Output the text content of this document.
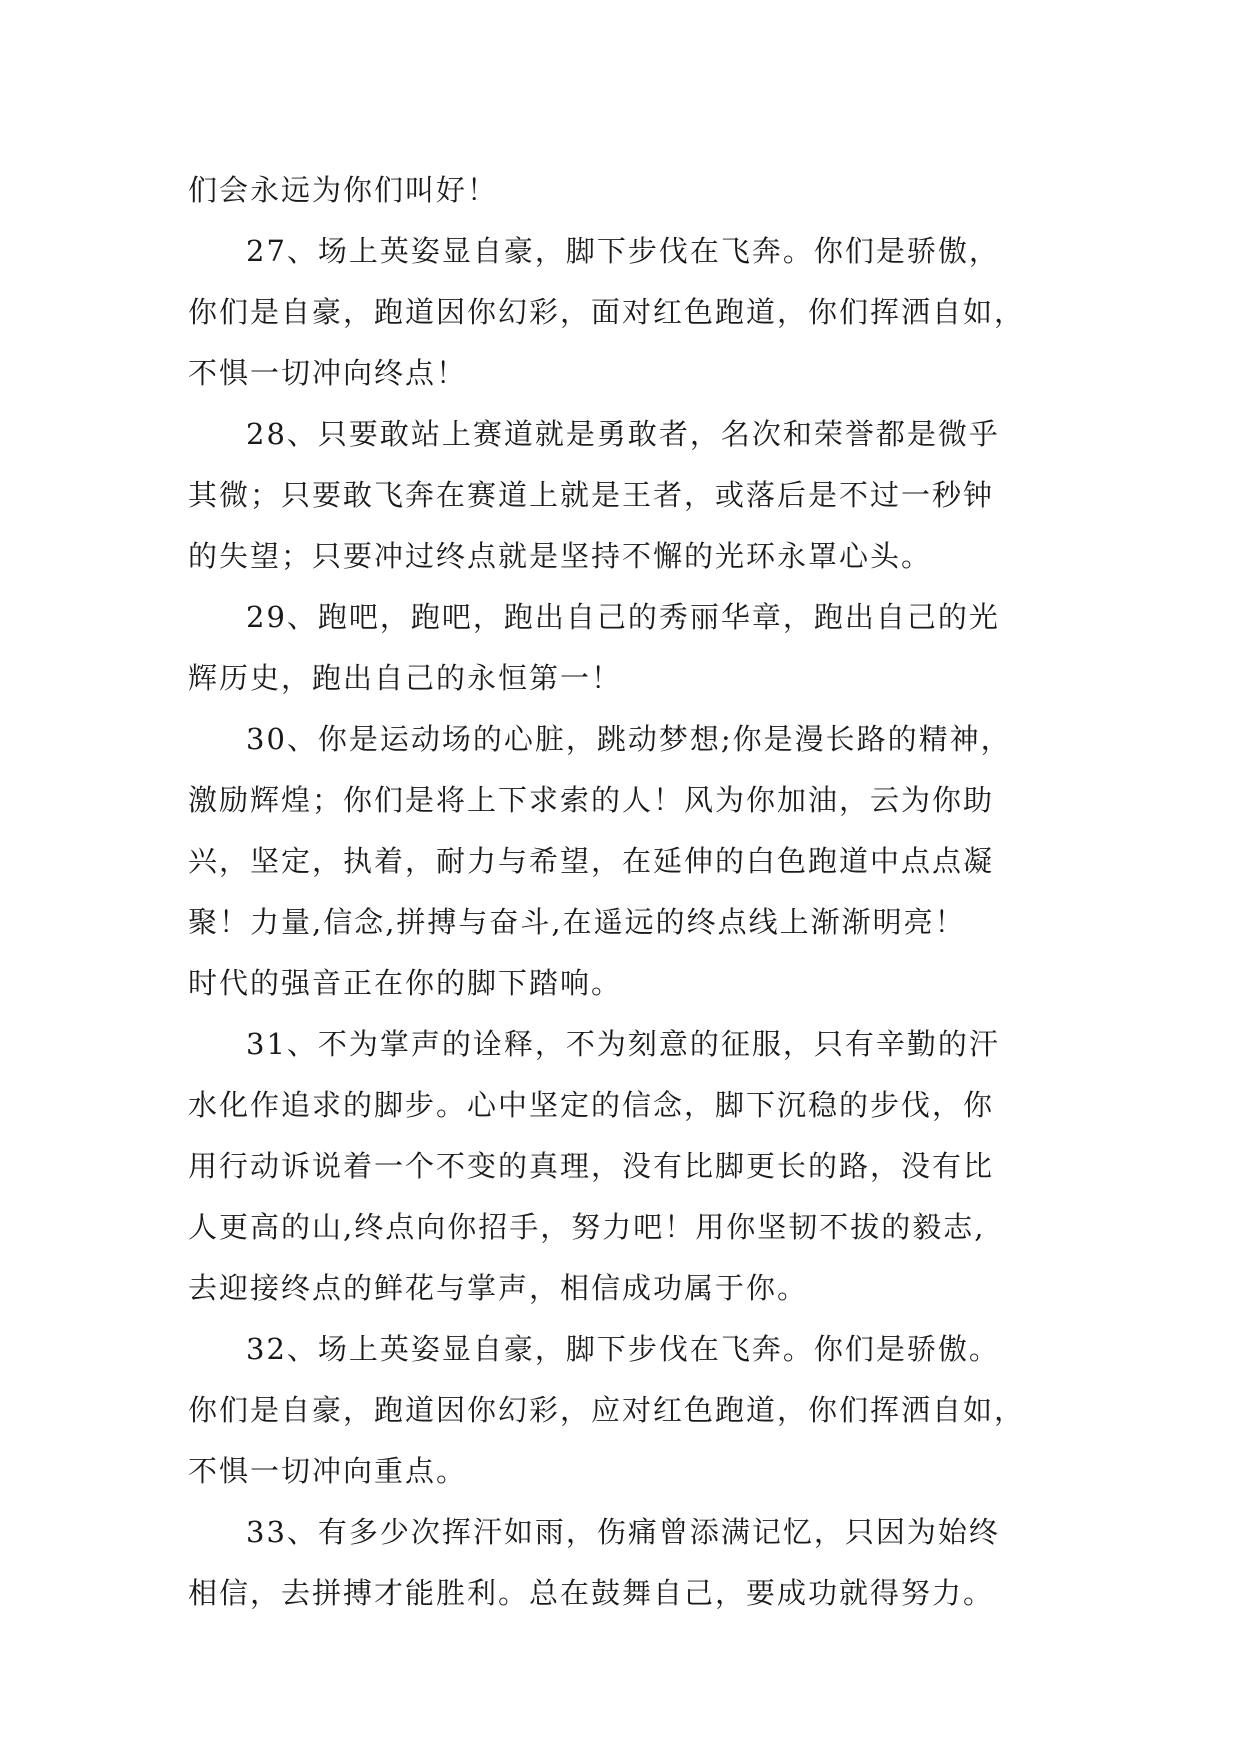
们会永远为你们叫好！
27、场上英姿显自豪，脚下步伐在飞奔。你们是骄傲，
你们是自豪，跑道因你幻彩，面对红色跑道，你们挥洒自如，
不惧一切冲向终点！
28、只要敢站上赛道就是勇敢者，名次和荣誉都是微乎
其微；只要敢飞奔在赛道上就是王者，或落后是不过一秒钟
的失望；只要冲过终点就是坚持不懈的光环永罩心头。
29、跑吧，跑吧，跑出自己的秀丽华章，跑出自己的光
辉历史，跑出自己的永恒第一！
30、你是运动场的心脏，跳动梦想;你是漫长路的精神，
激励辉煌；你们是将上下求索的人！风为你加油，云为你助
兴，坚定，执着，耐力与希望，在延伸的白色跑道中点点凝
聚！力量,信念,拼搏与奋斗,在遥远的终点线上渐渐明亮！
时代的强音正在你的脚下踏响。
31、不为掌声的诠释，不为刻意的征服，只有辛勤的汗
水化作追求的脚步。心中坚定的信念，脚下沉稳的步伐，你
用行动诉说着一个不变的真理，没有比脚更长的路，没有比
人更高的山,终点向你招手，努力吧！用你坚韧不拔的毅志,
去迎接终点的鲜花与掌声，相信成功属于你。
32、场上英姿显自豪，脚下步伐在飞奔。你们是骄傲。
你们是自豪，跑道因你幻彩，应对红色跑道，你们挥洒自如，
不惧一切冲向重点。
33、有多少次挥汗如雨，伤痛曾添满记忆，只因为始终
相信，去拼搏才能胜利。总在鼓舞自己，要成功就得努力。
